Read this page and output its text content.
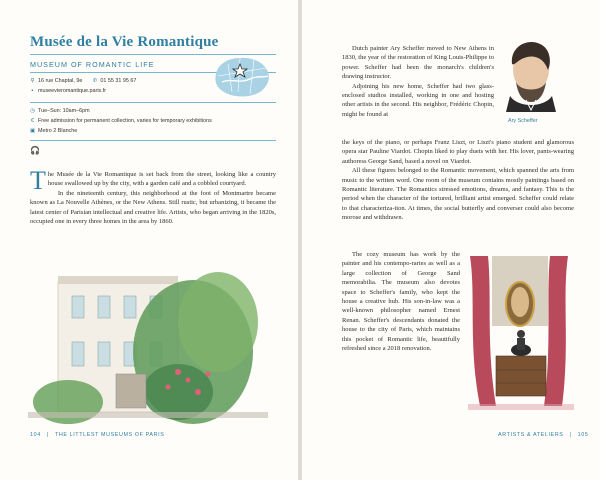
Musée de la Vie Romantique
MUSEUM OF ROMANTIC LIFE
⚲ 16 rue Chaptal, 9e ✆ 01 55 31 95 67
▪ museevieromantique.paris.fr
◷ Tue–Sun: 10am–6pm
€ Free admission for permanent collection, varies for temporary exhibitions
▣ Metro 2 Blanche
🎧

The Musée de la Vie Romantique is set back from the street, looking like a country house swallowed up by the city, with a garden café and a cobbled courtyard.

In the nineteenth century, this neighborhood at the foot of Montmartre became known as La Nouvelle Athènes, or the New Athens. Still rustic, but urbanizing, it became the latest center of Parisian intellectual and creative life. Artists, who began arriving in the 1820s, occupied one in every three homes in the area by 1860.

104 | THE LITTLEST MUSEUMS OF PARIS

Dutch painter Ary Scheffer moved to New Athens in 1830, the year of the restoration of King Louis-Philippe to power. Scheffer had been the monarch's children's drawing instructor.

Adjoining his new home, Scheffer had two glass-enclosed studios installed, working in one and hosting other artists in the second. His neighbor, Frédéric Chopin, might be found at

Ary Scheffer

the keys of the piano, or perhaps Franz Liszt, or Liszt's piano student and glamorous opera star Pauline Viardot. Chopin liked to play duets with her. His lover, pants-wearing authoress George Sand, based a novel on Viardot.

All these figures belonged to the Romantic movement, which spanned the arts from music to the written word. One room of the museum contains mostly paintings based on Romantic literature. The Romantics stressed emotions, dreams, and fantasy. This is the period when the character of the tortured, brilliant artist emerged. Scheffer could relate to that characteriza-tion. At times, the social butterfly and converser could also become morose and withdrawn.

The cozy museum has work by the painter and his contempo-raries as well as a large collection of George Sand memorabilia. The museum also devotes space to Scheffer's family, who kept the house a creative hub. His son-in-law was a well-known philosopher named Ernest Renan. Scheffer's descendants donated the house to the city of Paris, which maintains this pocket of Romantic life, beautifully refreshed since a 2018 renovation.

ARTISTS & ATELIERS | 105
